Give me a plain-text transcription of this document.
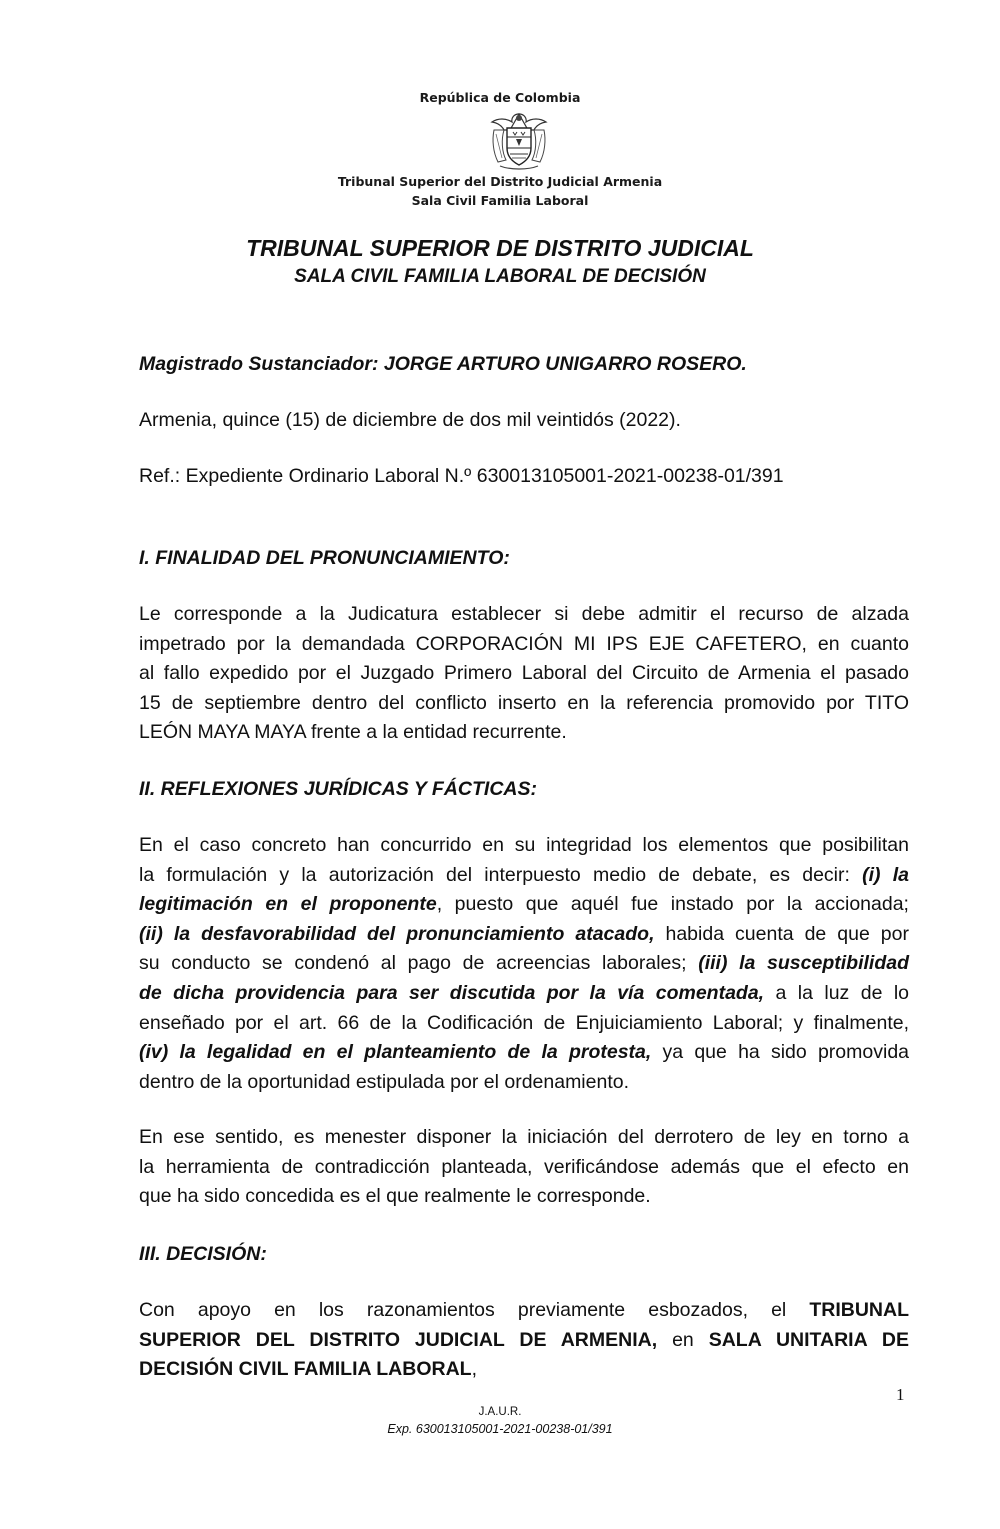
República de Colombia
Tribunal Superior del Distrito Judicial Armenia
Sala Civil Familia Laboral
TRIBUNAL SUPERIOR DE DISTRITO JUDICIAL
SALA CIVIL FAMILIA LABORAL DE DECISIÓN
Magistrado Sustanciador: JORGE ARTURO UNIGARRO ROSERO.
Armenia, quince (15) de diciembre de dos mil veintidós (2022).
Ref.: Expediente Ordinario Laboral N.º 630013105001-2021-00238-01/391
I. FINALIDAD DEL PRONUNCIAMIENTO:
Le corresponde a la Judicatura establecer si debe admitir el recurso de alzada
impetrado por la demandada CORPORACIÓN MI IPS EJE CAFETERO, en cuanto
al fallo expedido por el Juzgado Primero Laboral del Circuito de Armenia el pasado
15 de septiembre dentro del conflicto inserto en la referencia promovido por TITO
LEÓN MAYA MAYA frente a la entidad recurrente.
II. REFLEXIONES JURÍDICAS Y FÁCTICAS:
En el caso concreto han concurrido en su integridad los elementos que posibilitan
la formulación y la autorización del interpuesto medio de debate, es decir: (i) la
legitimación en el proponente, puesto que aquél fue instado por la accionada;
(ii) la desfavorabilidad del pronunciamiento atacado, habida cuenta de que por
su conducto se condenó al pago de acreencias laborales; (iii) la susceptibilidad
de dicha providencia para ser discutida por la vía comentada, a la luz de lo
enseñado por el art. 66 de la Codificación de Enjuiciamiento Laboral; y finalmente,
(iv) la legalidad en el planteamiento de la protesta, ya que ha sido promovida
dentro de la oportunidad estipulada por el ordenamiento.
En ese sentido, es menester disponer la iniciación del derrotero de ley en torno a
la herramienta de contradicción planteada, verificándose además que el efecto en
que ha sido concedida es el que realmente le corresponde.
III. DECISIÓN:
Con apoyo en los razonamientos previamente esbozados, el TRIBUNAL
SUPERIOR DEL DISTRITO JUDICIAL DE ARMENIA, en SALA UNITARIA DE
DECISIÓN CIVIL FAMILIA LABORAL,
1
J.A.U.R.
Exp. 630013105001-2021-00238-01/391
